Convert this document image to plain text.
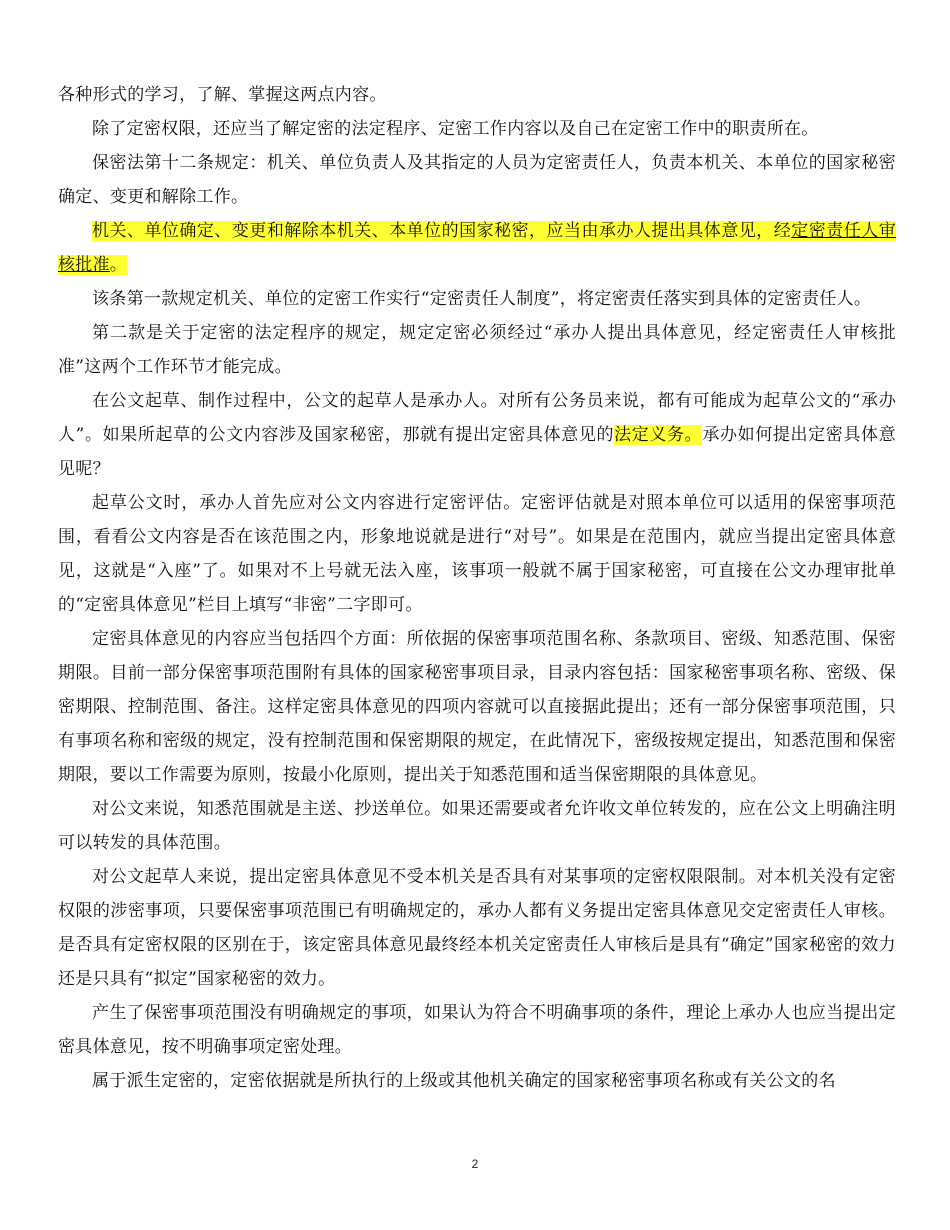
各种形式的学习，了解、掌握这两点内容。

除了定密权限，还应当了解定密的法定程序、定密工作内容以及自己在定密工作中的职责所在。

保密法第十二条规定：机关、单位负责人及其指定的人员为定密责任人，负责本机关、本单位的国家秘密确定、变更和解除工作。

机关、单位确定、变更和解除本机关、本单位的国家秘密，应当由承办人提出具体意见，经定密责任人审核批准。

该条第一款规定机关、单位的定密工作实行“定密责任人制度”，将定密责任落实到具体的定密责任人。

第二款是关于定密的法定程序的规定，规定定密必须经过“承办人提出具体意见，经定密责任人审核批准”这两个工作环节才能完成。

在公文起草、制作过程中，公文的起草人是承办人。对所有公务员来说，都有可能成为起草公文的“承办人”。如果所起草的公文内容涉及国家秘密，那就有提出定密具体意见的法定义务。承办如何提出定密具体意见呢？

起草公文时，承办人首先应对公文内容进行定密评估。定密评估就是对照本单位可以适用的保密事项范围，看看公文内容是否在该范围之内，形象地说就是进行“对号”。如果是在范围内，就应当提出定密具体意见，这就是“入座”了。如果对不上号就无法入座，该事项一般就不属于国家秘密，可直接在公文办理审批单的“定密具体意见”栏目上填写“非密”二字即可。

定密具体意见的内容应当包括四个方面：所依据的保密事项范围名称、条款项目、密级、知悉范围、保密期限。目前一部分保密事项范围附有具体的国家秘密事项目录，目录内容包括：国家秘密事项名称、密级、保密期限、控制范围、备注。这样定密具体意见的四项内容就可以直接据此提出；还有一部分保密事项范围，只有事项名称和密级的规定，没有控制范围和保密期限的规定，在此情况下，密级按规定提出，知悉范围和保密期限，要以工作需要为原则，按最小化原则，提出关于知悉范围和适当保密期限的具体意见。

对公文来说，知悉范围就是主送、抄送单位。如果还需要或者允许收文单位转发的，应在公文上明确注明可以转发的具体范围。

对公文起草人来说，提出定密具体意见不受本机关是否具有对某事项的定密权限限制。对本机关没有定密权限的涉密事项，只要保密事项范围已有明确规定的，承办人都有义务提出定密具体意见交定密责任人审核。是否具有定密权限的区别在于，该定密具体意见最终经本机关定密责任人审核后是具有“确定”国家秘密的效力还是只具有“拟定”国家秘密的效力。

产生了保密事项范围没有明确规定的事项，如果认为符合不明确事项的条件，理论上承办人也应当提出定密具体意见，按不明确事项定密处理。

属于派生定密的，定密依据就是所执行的上级或其他机关确定的国家秘密事项名称或有关公文的名

2
